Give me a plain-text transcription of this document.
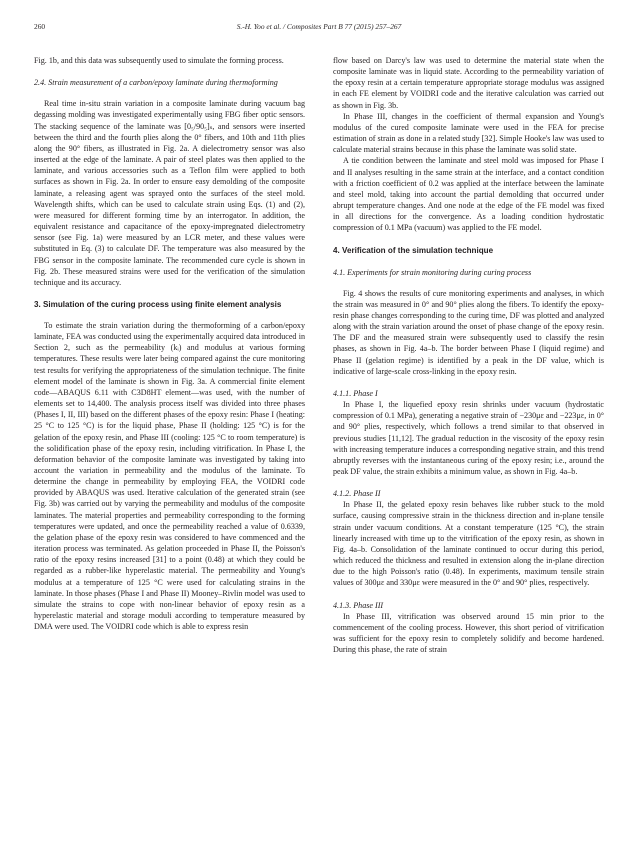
260	S.-H. Yoo et al. / Composites Part B 77 (2015) 257–267

Fig. 1b, and this data was subsequently used to simulate the forming process.

2.4. Strain measurement of a carbon/epoxy laminate during thermoforming

Real time in-situ strain variation in a composite laminate during vacuum bag degassing molding was investigated experimentally using FBG fiber optic sensors. The stacking sequence of the laminate was [0₅/90₅]ₛ, and sensors were inserted between the third and the fourth plies along the 0° fibers, and 10th and 11th plies along the 90° fibers, as illustrated in Fig. 2a. A dielectrometry sensor was also inserted at the edge of the laminate. A pair of steel plates was then applied to the laminate, and various accessories such as a Teflon film were applied to both surfaces as shown in Fig. 2a. In order to ensure easy demolding of the composite laminate, a releasing agent was sprayed onto the surfaces of the steel mold. Wavelength shifts, which can be used to calculate strain using Eqs. (1) and (2), were measured for different forming time by an interrogator. In addition, the equivalent resistance and capacitance of the epoxy-impregnated dielectrometry sensor (see Fig. 1a) were measured by an LCR meter, and these values were substituted in Eq. (3) to calculate DF. The temperature was also measured by the FBG sensor in the composite laminate. The recommended cure cycle is shown in Fig. 2b. These measured strains were used for the verification of the simulation technique and its accuracy.

3. Simulation of the curing process using finite element analysis

To estimate the strain variation during the thermoforming of a carbon/epoxy laminate, FEA was conducted using the experimentally acquired data introduced in Section 2, such as the permeability (kᵢ) and modulus at various forming temperatures. These results were later being compared against the cure monitoring test results for verifying the appropriateness of the simulation technique. The finite element model of the laminate is shown in Fig. 3a. A commercial finite element code—ABAQUS 6.11 with C3D8HT element—was used, with the number of elements set to 14,400. The analysis process itself was divided into three phases (Phases I, II, III) based on the different phases of the epoxy resin: Phase I (heating: 25 °C to 125 °C) is for the liquid phase, Phase II (holding: 125 °C) is for the gelation of the epoxy resin, and Phase III (cooling: 125 °C to room temperature) is the solidification phase of the epoxy resin, including vitrification. In Phase I, the deformation behavior of the composite laminate was investigated by taking into account the variation in permeability and the modulus of the laminate. To determine the change in permeability by employing FEA, the VOIDRI code provided by ABAQUS was used. Iterative calculation of the generated strain (see Fig. 3b) was carried out by varying the permeability and modulus of the composite laminates. The material properties and permeability corresponding to the forming temperatures were updated, and once the permeability reached a value of 0.6339, the gelation phase of the epoxy resin was considered to have commenced and the iteration process was terminated. As gelation proceeded in Phase II, the Poisson's ratio of the epoxy resins increased [31] to a point (0.48) at which they could be regarded as a rubber-like hyperelastic material. The permeability and Young's modulus at a temperature of 125 °C were used for calculating strains in the laminate. In those phases (Phase I and Phase II) Mooney–Rivlin model was used to simulate the strains to cope with non-linear behavior of epoxy resin as a hyperelastic material and storage moduli according to temperature measured by DMA were used. The VOIDRI code which is able to express resin

flow based on Darcy's law was used to determine the material state when the composite laminate was in liquid state. According to the permeability variation of the epoxy resin at a certain temperature appropriate storage modulus was assigned in each FE element by VOIDRI code and the iterative calculation was carried out as shown in Fig. 3b.

In Phase III, changes in the coefficient of thermal expansion and Young's modulus of the cured composite laminate were used in the FEA for precise estimation of strain as done in a related study [32]. Simple Hooke's law was used to calculate material strains because in this phase the laminate was solid state.

A tie condition between the laminate and steel mold was imposed for Phase I and II analyses resulting in the same strain at the interface, and a contact condition with a friction coefficient of 0.2 was applied at the interface between the laminate and steel mold, taking into account the partial demolding that occurred under abrupt temperature changes. And one node at the edge of the FE model was fixed in all directions for the convergence. As a loading condition hydrostatic compression of 0.1 MPa (vacuum) was applied to the FE model.

4. Verification of the simulation technique
4.1. Experiments for strain monitoring during curing process

Fig. 4 shows the results of cure monitoring experiments and analyses, in which the strain was measured in 0° and 90° plies along the fibers. To identify the epoxy-resin phase changes corresponding to the curing time, DF was plotted and analyzed along with the strain variation around the onset of phase change of the epoxy resin. The DF and the measured strain were subsequently used to classify the resin phases, as shown in Fig. 4a–b. The border between Phase I (liquid regime) and Phase II (gelation regime) is identified by a peak in the DF value, which is indicative of large-scale cross-linking in the epoxy resin.

4.1.1. Phase I

In Phase I, the liquefied epoxy resin shrinks under vacuum (hydrostatic compression of 0.1 MPa), generating a negative strain of −230με and −223με, in 0° and 90° plies, respectively, which follows a trend similar to that observed in previous studies [11,12]. The gradual reduction in the viscosity of the epoxy resin with increasing temperature induces a corresponding negative strain, and this trend abruptly reverses with the instantaneous curing of the epoxy resin; i.e., around the peak DF value, the strain exhibits a minimum value, as shown in Fig. 4a–b.

4.1.2. Phase II

In Phase II, the gelated epoxy resin behaves like rubber stuck to the mold surface, causing compressive strain in the thickness direction and in-plane tensile strain under vacuum conditions. At a constant temperature (125 °C), the strain linearly increased with time up to the vitrification of the epoxy resin, as shown in Fig. 4a–b. Consolidation of the laminate continued to occur during this period, which reduced the thickness and resulted in extension along the in-plane direction due to the high Poisson's ratio (0.48). In experiments, maximum tensile strain values of 300με and 330με were measured in the 0° and 90° plies, respectively.

4.1.3. Phase III

In Phase III, vitrification was observed around 15 min prior to the commencement of the cooling process. However, this short period of vitrification was sufficient for the epoxy resin to completely solidify and become hardened. During this phase, the rate of strain
